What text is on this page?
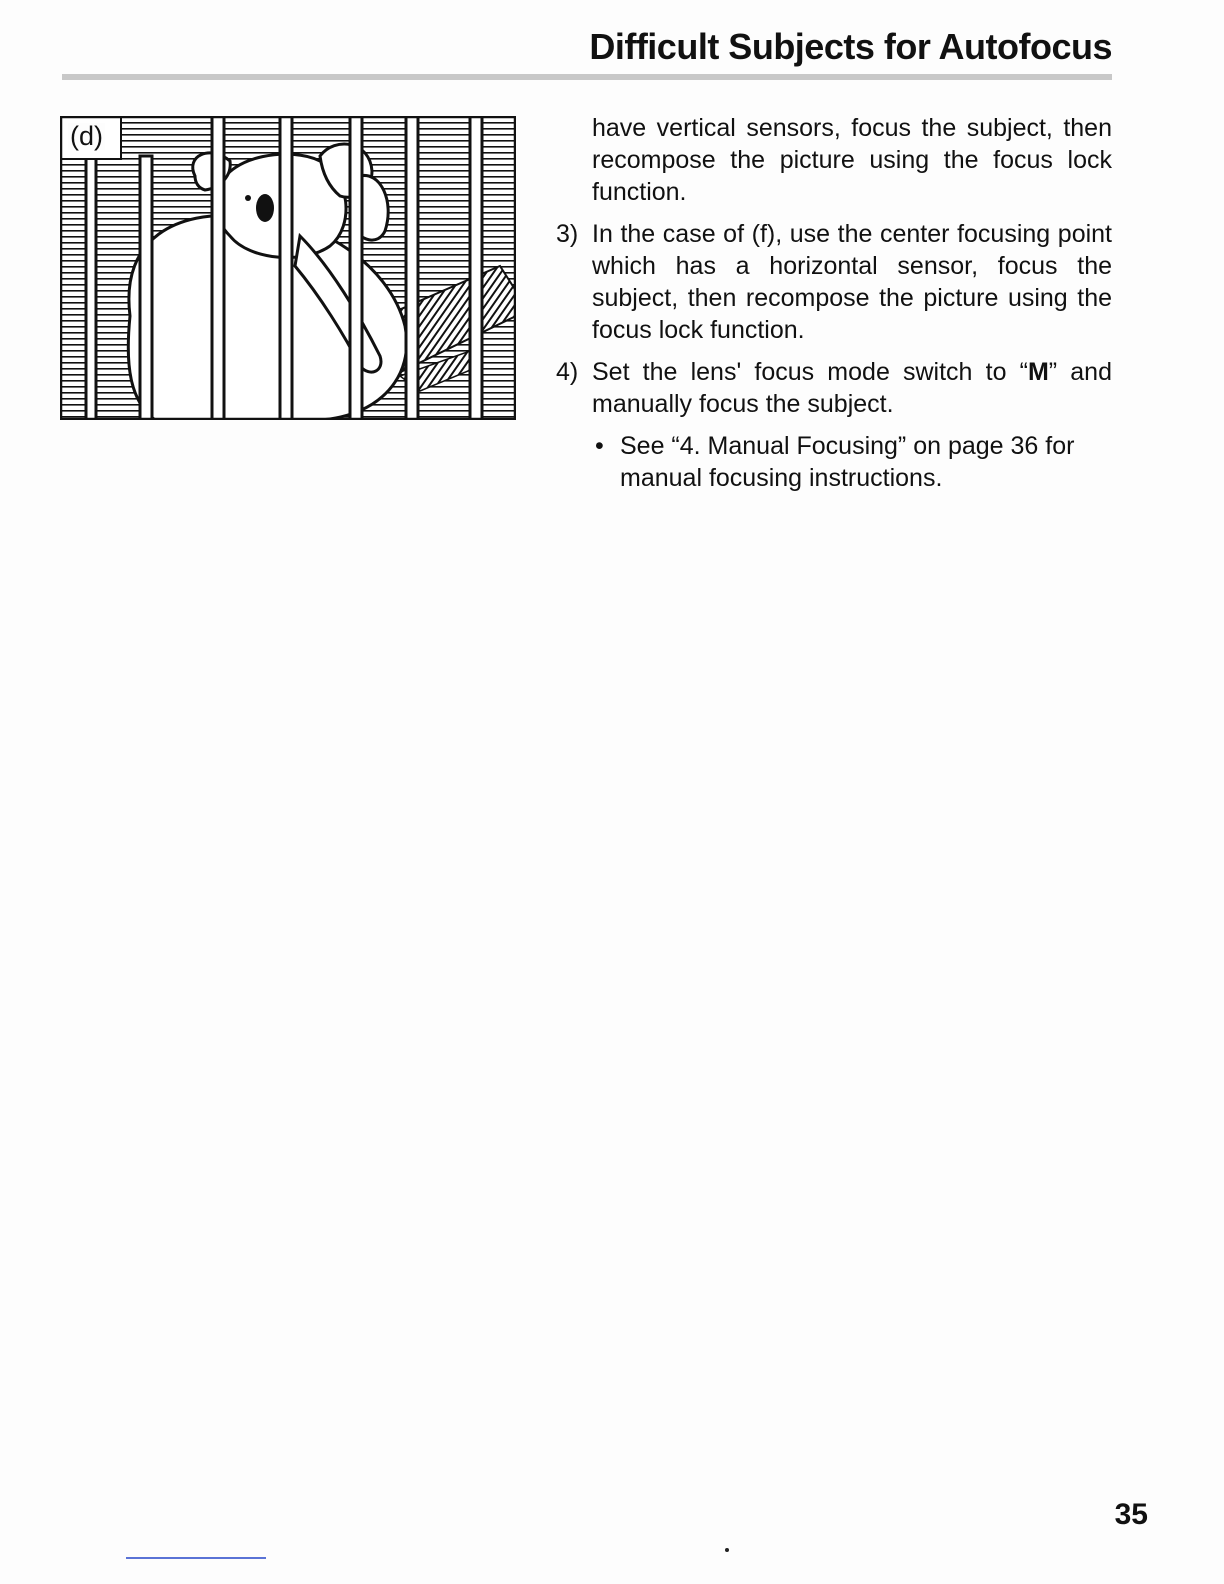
Difficult Subjects for Autofocus
(d)	have vertical sensors, focus the subject, then recompose the picture using the focus lock function.

3) In the case of (f), use the center focusing point which has a horizontal sensor, focus the subject, then recompose the picture using the focus lock function.
4) Set the lens' focus mode switch to “M” and manually focus the subject.
• See “4. Manual Focusing” on page 36 for manual focusing instructions.
35
